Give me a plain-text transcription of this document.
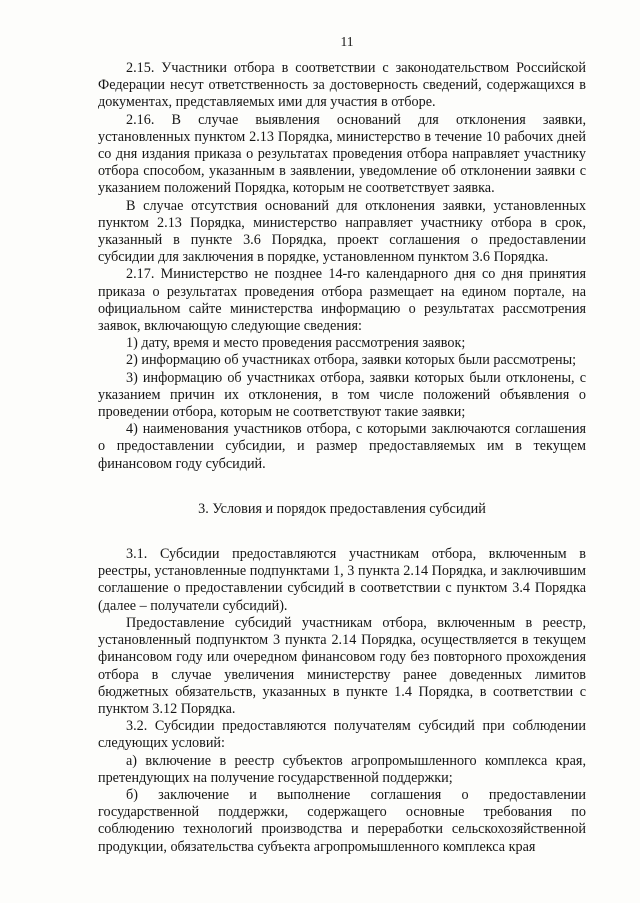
11

2.15. Участники отбора в соответствии с законодательством Российской Федерации несут ответственность за достоверность сведений, содержащихся в документах, представляемых ими для участия в отборе.

2.16. В случае выявления оснований для отклонения заявки, установленных пунктом 2.13 Порядка, министерство в течение 10 рабочих дней со дня издания приказа о результатах проведения отбора направляет участнику отбора способом, указанным в заявлении, уведомление об отклонении заявки с указанием положений Порядка, которым не соответствует заявка.

В случае отсутствия оснований для отклонения заявки, установленных пунктом 2.13 Порядка, министерство направляет участнику отбора в срок, указанный в пункте 3.6 Порядка, проект соглашения о предоставлении субсидии для заключения в порядке, установленном пунктом 3.6 Порядка.

2.17. Министерство не позднее 14-го календарного дня со дня принятия приказа о результатах проведения отбора размещает на едином портале, на официальном сайте министерства информацию о результатах рассмотрения заявок, включающую следующие сведения:

1) дату, время и место проведения рассмотрения заявок;

2) информацию об участниках отбора, заявки которых были рассмотрены;

3) информацию об участниках отбора, заявки которых были отклонены, с указанием причин их отклонения, в том числе положений объявления о проведении отбора, которым не соответствуют такие заявки;

4) наименования участников отбора, с которыми заключаются соглашения о предоставлении субсидии, и размер предоставляемых им в текущем финансовом году субсидий.

3. Условия и порядок предоставления субсидий

3.1. Субсидии предоставляются участникам отбора, включенным в реестры, установленные подпунктами 1, 3 пункта 2.14 Порядка, и заключившим соглашение о предоставлении субсидий в соответствии с пунктом 3.4 Порядка (далее – получатели субсидий).

Предоставление субсидий участникам отбора, включенным в реестр, установленный подпунктом 3 пункта 2.14 Порядка, осуществляется в текущем финансовом году или очередном финансовом году без повторного прохождения отбора в случае увеличения министерству ранее доведенных лимитов бюджетных обязательств, указанных в пункте 1.4 Порядка, в соответствии с пунктом 3.12 Порядка.

3.2. Субсидии предоставляются получателям субсидий при соблюдении следующих условий:

а) включение в реестр субъектов агропромышленного комплекса края, претендующих на получение государственной поддержки;

б) заключение и выполнение соглашения о предоставлении государственной поддержки, содержащего основные требования по соблюдению технологий производства и переработки сельскохозяйственной продукции, обязательства субъекта агропромышленного комплекса края
